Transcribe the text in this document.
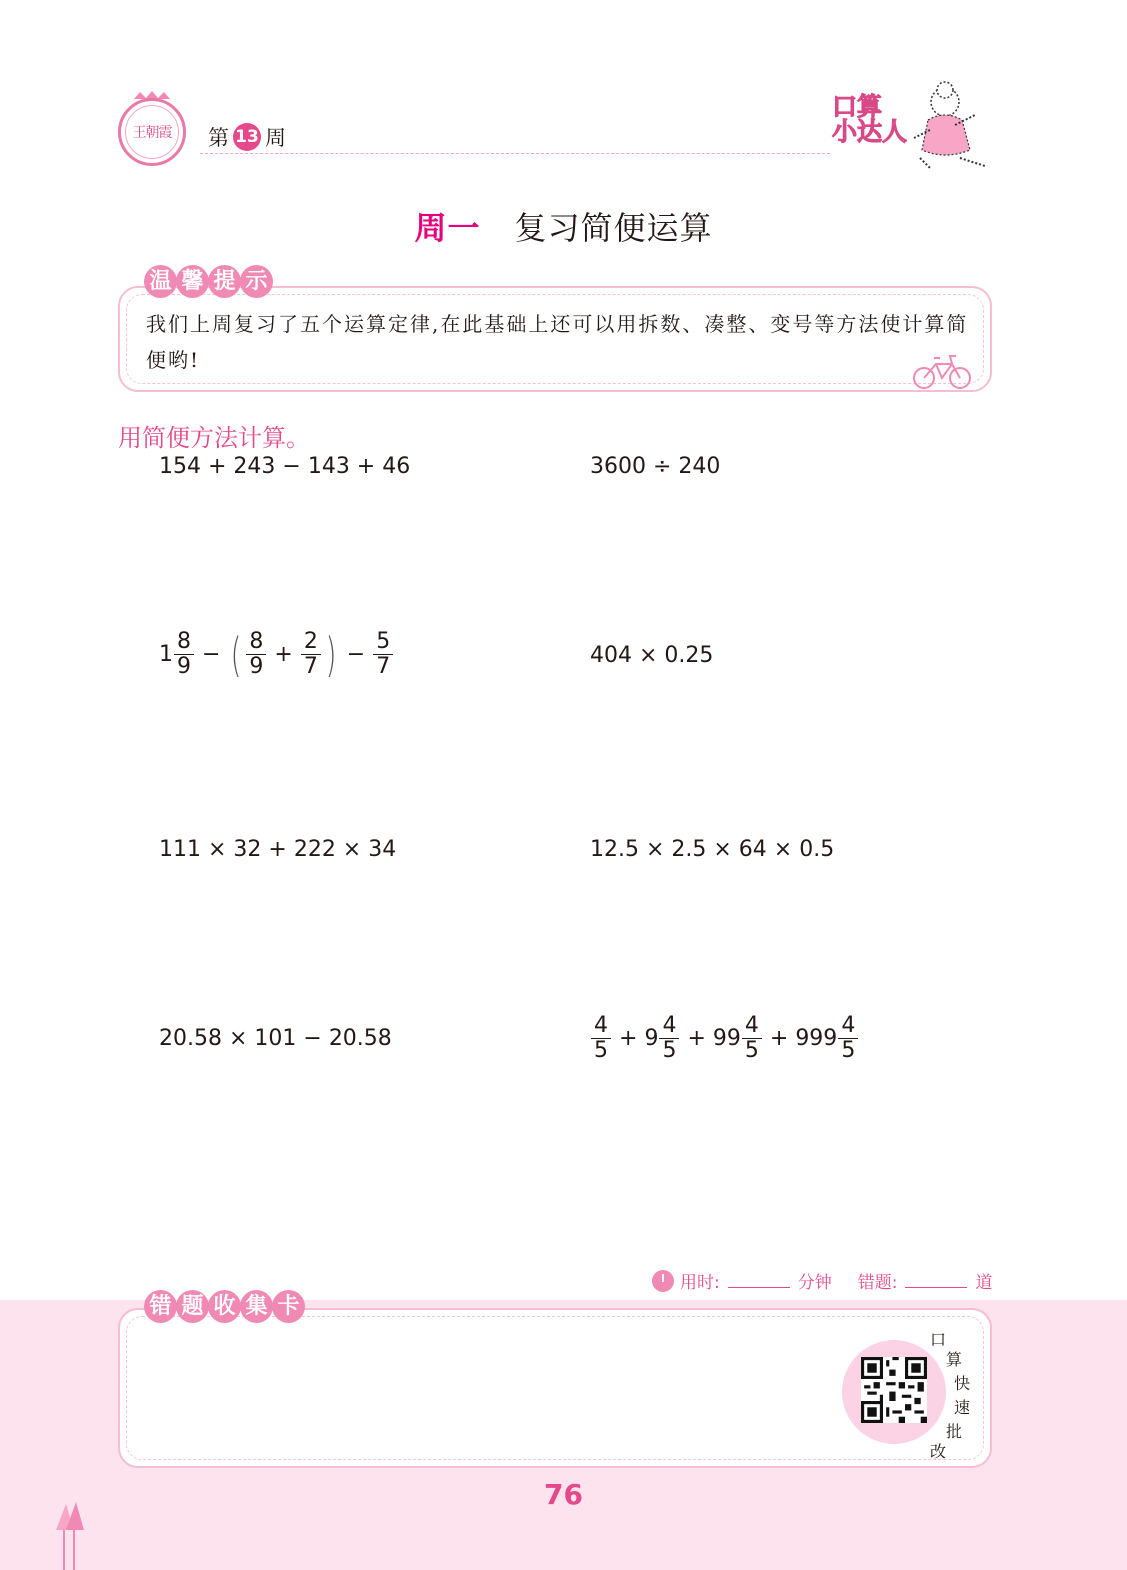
王朝霞	第 13 周
口算
小达人
周一 复习简便运算
温 馨 提 示
我们上周复习了五个运算定律,在此基础上还可以用拆数、凑整、变号等方法使计算简便哟!
用简便方法计算。
154 + 243 − 143 + 46	3600 ÷ 240
$1 \frac{8}{9}$ − ( $\frac{8}{9} + \frac{2}{7}$ ) − $\frac{5}{7}$	404 × 0.25
111 × 32 + 222 × 34	12.5 × 2.5 × 64 × 0.5
20.58 × 101 − 20.58	$\frac{4}{5} + 9 \frac{4}{5} + 99 \frac{4}{5} + 999 \frac{4}{5}$
用时:	分钟 错题:	道
错 题 收 集 卡
口
算
快
速
批
改
76
